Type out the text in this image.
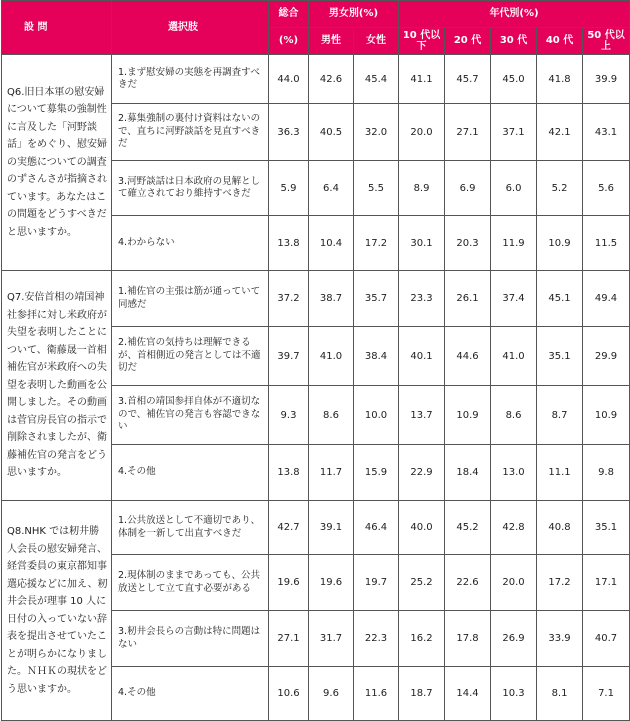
設 問	選択肢	総合	男女別(%)		年代別(%)				
		(%)	男性	女性	10 代以下	20 代	30 代	40 代	50 代以上
Q6.旧日本軍の慰安婦について募集の強制性に言及した「河野談話」をめぐり、慰安婦の実態についての調査のずさんさが指摘されています。あなたはこの問題をどうすべきだと思いますか。	1.まず慰安婦の実態を再調査すべきだ	44.0	42.6	45.4	41.1	45.7	45.0	41.8	39.9
	2.募集強制の裏付け資料はないので、直ちに河野談話を見直すべきだ	36.3	40.5	32.0	20.0	27.1	37.1	42.1	43.1
	3.河野談話は日本政府の見解として確立されており維持すべきだ	5.9	6.4	5.5	8.9	6.9	6.0	5.2	5.6
	4.わからない	13.8	10.4	17.2	30.1	20.3	11.9	10.9	11.5
Q7.安倍首相の靖国神社参拝に対し米政府が失望を表明したことについて、衛藤晟一首相補佐官が米政府への失望を表明した動画を公開しました。その動画は菅官房長官の指示で削除されましたが、衛藤補佐官の発言をどう思いますか。	1.補佐官の主張は筋が通っていて同感だ	37.2	38.7	35.7	23.3	26.1	37.4	45.1	49.4
	2.補佐官の気持ちは理解できるが、首相側近の発言としては不適切だ	39.7	41.0	38.4	40.1	44.6	41.0	35.1	29.9
	3.首相の靖国参拝自体が不適切なので、補佐官の発言も容認できない	9.3	8.6	10.0	13.7	10.9	8.6	8.7	10.9
	4.その他	13.8	11.7	15.9	22.9	18.4	13.0	11.1	9.8
Q8.NHK では籾井勝人会長の慰安婦発言、経営委員の東京都知事選応援などに加え、籾井会長が理事 10 人に日付の入っていない辞表を提出させていたことが明らかになりました。ＮＨＫの現状をどう思いますか。	1.公共放送として不適切であり、体制を一新して出直すべきだ	42.7	39.1	46.4	40.0	45.2	42.8	40.8	35.1
	2.現体制のままであっても、公共放送として立て直す必要がある	19.6	19.6	19.7	25.2	22.6	20.0	17.2	17.1
	3.籾井会長らの言動は特に問題はない	27.1	31.7	22.3	16.2	17.8	26.9	33.9	40.7
	4.その他	10.6	9.6	11.6	18.7	14.4	10.3	8.1	7.1
